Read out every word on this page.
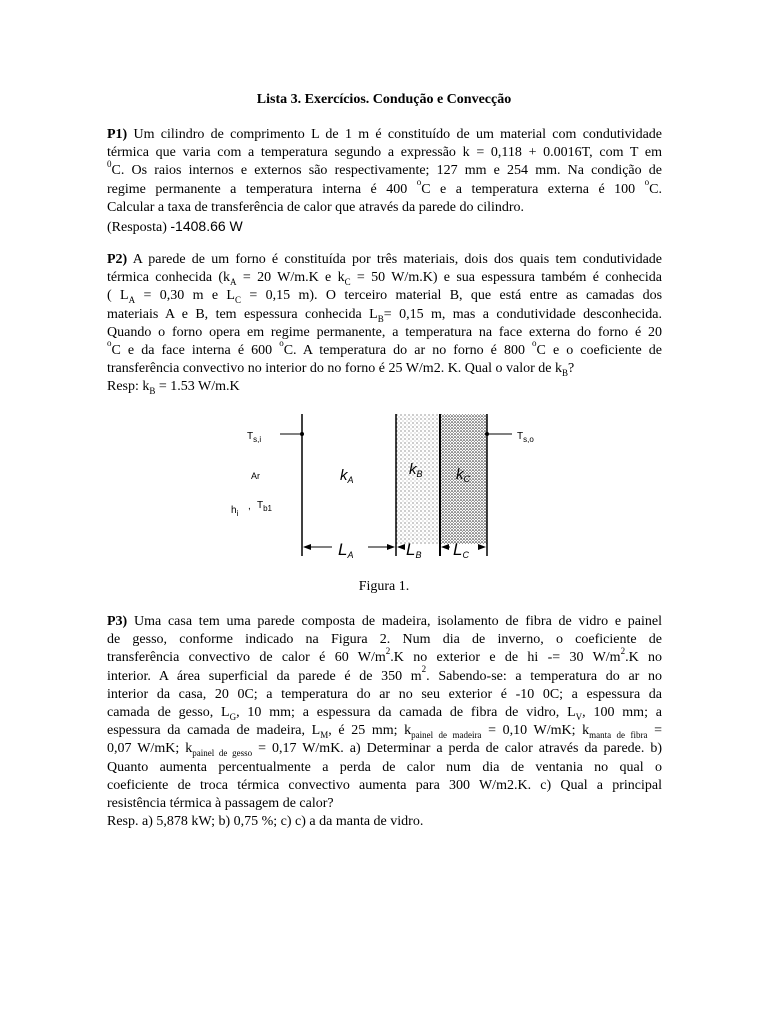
Lista 3. Exercícios. Condução e Convecção
P1) Um cilindro de comprimento L de 1 m é constituído de um material com condutividade
térmica que varia com a temperatura segundo a expressão k = 0,118 + 0.0016T, com T em
$^0$C. Os raios internos e externos são respectivamente; 127 mm e 254 mm. Na condição de
regime permanente a temperatura interna é 400 $^o$C e a temperatura externa é 100 $^o$C.
Calcular a taxa de transferência de calor que através da parede do cilindro.
(Resposta) -1408.66 W
P2) A parede de um forno é constituída por três materiais, dois dos quais tem condutividade
térmica conhecida ($k_A = 20$ W/m.K e $k_C = 50$ W/m.K) e sua espessura também é conhecida
( $L_A = 0,30$ m e $L_C = 0,15$ m). O terceiro material B, que está entre as camadas dos
materiais A e B, tem espessura conhecida $L_B= 0,15$ m, mas a condutividade desconhecida.
Quando o forno opera em regime permanente, a temperatura na face externa do forno é 20
$^o$C e da face interna é 600 $^o$C. A temperatura do ar no forno é 800 $^o$C e o coeficiente de
transferência convectivo no interior do no forno é 25 W/m2. K. Qual o valor de $k_B$?
Resp: $k_B = 1.53$ W/m.K
$T_{s,i}$	$T_{s,o}$
Ar
$h_i$
, $T_{b1}$
$k_A$
$k_B$ $k_C$
LA	LB LC
Figura 1.
P3) Uma casa tem uma parede composta de madeira, isolamento de fibra de vidro e painel
de gesso, conforme indicado na Figura 2. Num dia de inverno, o coeficiente de
transferência convectivo de calor é 60 $W/m^2.K$ no exterior e de hi -= 30 $W/m^2.K$ no
interior. A área superficial da parede é de 350 $m^2$. Sabendo-se: a temperatura do ar no
interior da casa, 20 0C; a temperatura do ar no seu exterior é -10 0C; a espessura da
camada de gesso, $L_G$, 10 mm; a espessura da camada de fibra de vidro, $L_V$, 100 mm; a
espessura da camada de madeira, $L_M$, é 25 mm; $k_{painel de madeira} = 0,10$ W/mK; $k_{manta de fibra}$ =
0,07 W/mK; $k_{painel de gesso} = 0,17$ W/mK. a) Determinar a perda de calor através da parede. b)
Quanto aumenta percentualmente a perda de calor num dia de ventania no qual o
coeficiente de troca térmica convectivo aumenta para 300 W/m2.K. c) Qual a principal
resistência térmica à passagem de calor?
Resp. a) 5,878 kW; b) 0,75 %; c) c) a da manta de vidro.
